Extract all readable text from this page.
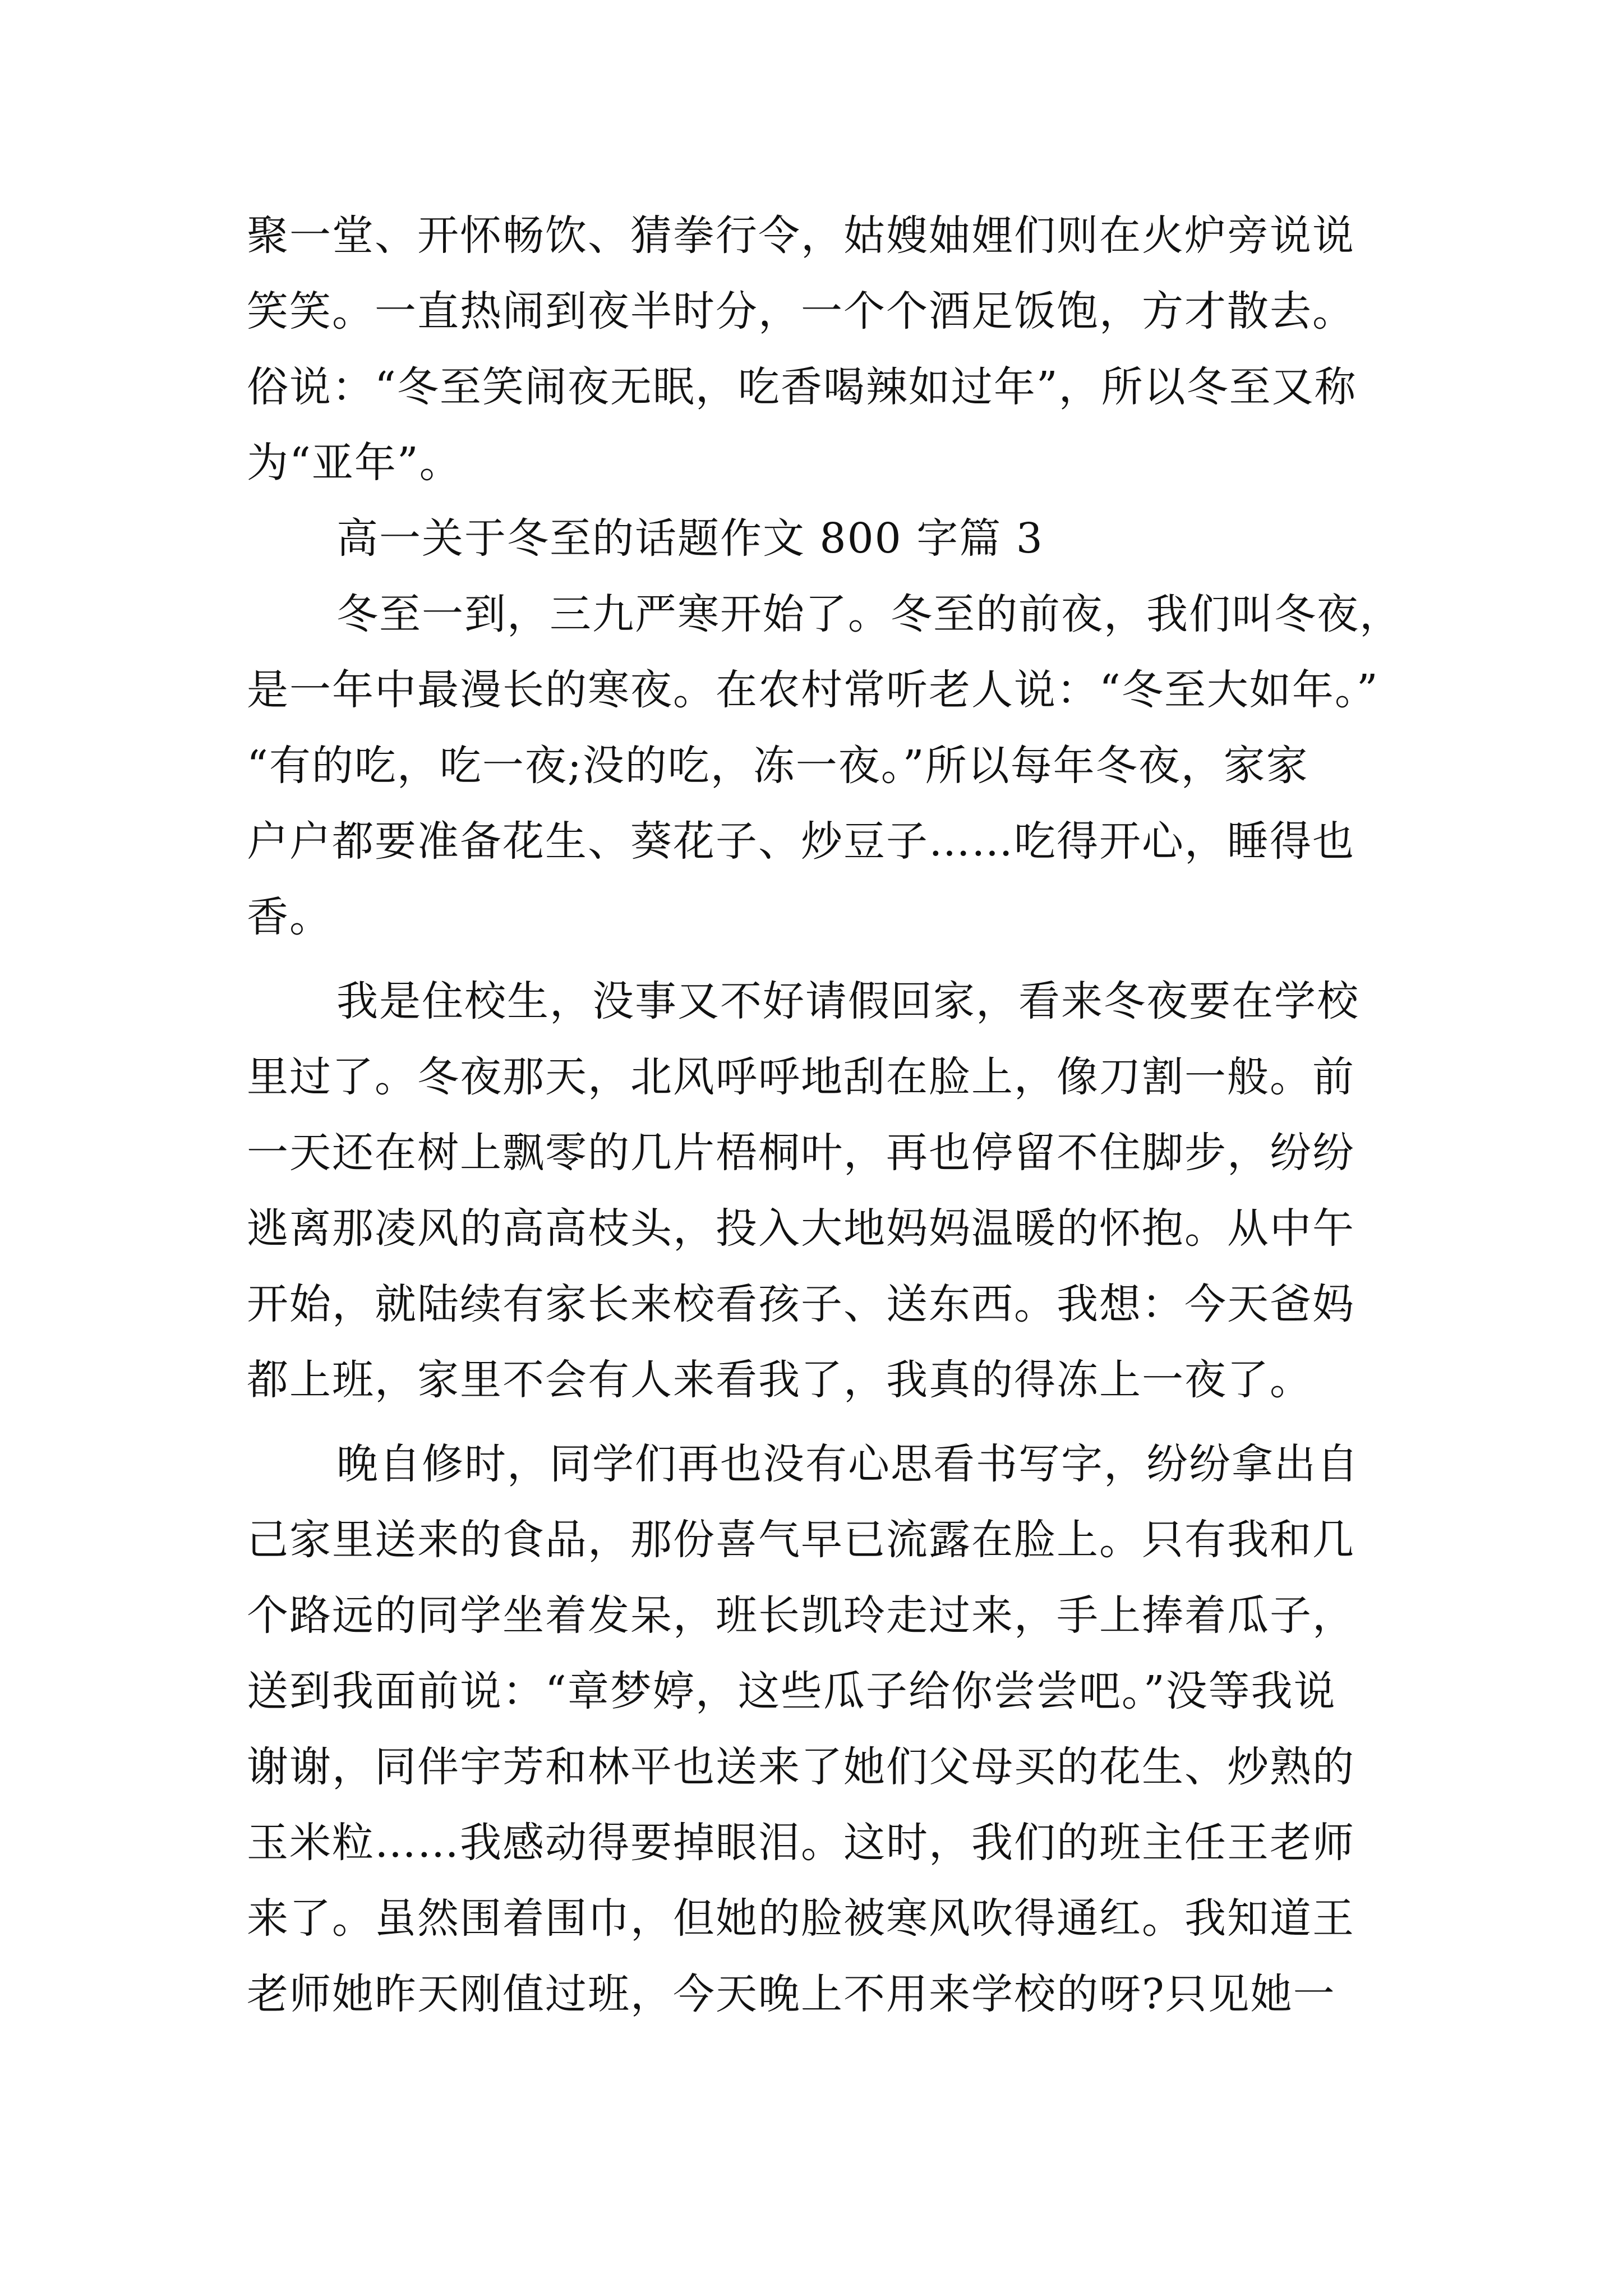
聚一堂、开怀畅饮、猜拳行令，姑嫂妯娌们则在火炉旁说说
笑笑。一直热闹到夜半时分，一个个酒足饭饱，方才散去。
俗说：“冬至笑闹夜无眠，吃香喝辣如过年”，所以冬至又称
为“亚年”。
高一关于冬至的话题作文 800 字篇 3
冬至一到，三九严寒开始了。冬至的前夜，我们叫冬夜，
是一年中最漫长的寒夜。在农村常听老人说：“冬至大如年。”
“有的吃，吃一夜;没的吃，冻一夜。”所以每年冬夜，家家
户户都要准备花生、葵花子、炒豆子……吃得开心，睡得也
香。
我是住校生，没事又不好请假回家，看来冬夜要在学校
里过了。冬夜那天，北风呼呼地刮在脸上，像刀割一般。前
一天还在树上飘零的几片梧桐叶，再也停留不住脚步，纷纷
逃离那凌风的高高枝头，投入大地妈妈温暖的怀抱。从中午
开始，就陆续有家长来校看孩子、送东西。我想：今天爸妈
都上班，家里不会有人来看我了，我真的得冻上一夜了。
晚自修时，同学们再也没有心思看书写字，纷纷拿出自
己家里送来的食品，那份喜气早已流露在脸上。只有我和几
个路远的同学坐着发呆，班长凯玲走过来，手上捧着瓜子，
送到我面前说：“章梦婷，这些瓜子给你尝尝吧。”没等我说
谢谢，同伴宇芳和林平也送来了她们父母买的花生、炒熟的
玉米粒……我感动得要掉眼泪。这时，我们的班主任王老师
来了。虽然围着围巾，但她的脸被寒风吹得通红。我知道王
老师她昨天刚值过班，今天晚上不用来学校的呀?只见她一
